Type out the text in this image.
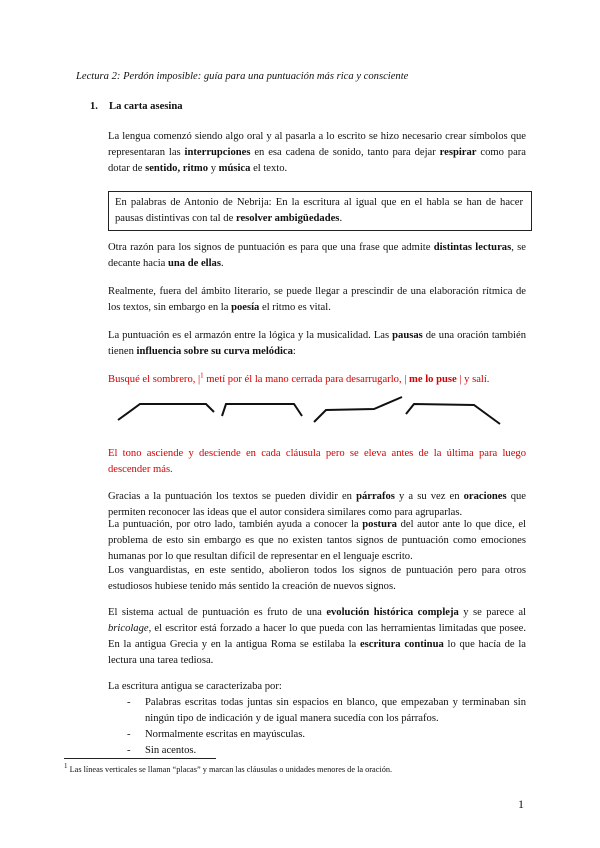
Lectura 2: Perdón imposible: guía para una puntuación más rica y consciente

1. La carta asesina

La lengua comenzó siendo algo oral y al pasarla a lo escrito se hizo necesario crear símbolos que representaran las interrupciones en esa cadena de sonido, tanto para dejar respirar como para dotar de sentido, ritmo y música el texto.

En palabras de Antonio de Nebrija: En la escritura al igual que en el habla se han de hacer pausas distintivas con tal de resolver ambigüedades.

Otra razón para los signos de puntuación es para que una frase que admite distintas lecturas, se decante hacia una de ellas.

Realmente, fuera del ámbito literario, se puede llegar a prescindir de una elaboración rítmica de los textos, sin embargo en la poesía el ritmo es vital.

La puntuación es el armazón entre la lógica y la musicalidad. Las pausas de una oración también tienen influencia sobre su curva melódica:

Busqué el sombrero, $|^1$ metí por él la mano cerrada para desarrugarlo, | me lo puse | y salí.

El tono asciende y desciende en cada cláusula pero se eleva antes de la última para luego descender más.

Gracias a la puntuación los textos se pueden dividir en párrafos y a su vez en oraciones que permiten reconocer las ideas que el autor considera similares como para agruparlas.

La puntuación, por otro lado, también ayuda a conocer la postura del autor ante lo que dice, el problema de esto sin embargo es que no existen tantos signos de puntuación como emociones humanas por lo que resultan difícil de representar en el lenguaje escrito.

Los vanguardistas, en este sentido, abolieron todos los signos de puntuación pero para otros estudiosos hubiese tenido más sentido la creación de nuevos signos.

El sistema actual de puntuación es fruto de una evolución histórica compleja y se parece al bricolage, el escritor está forzado a hacer lo que pueda con las herramientas limitadas que posee. En la antigua Grecia y en la antigua Roma se estilaba la escritura continua lo que hacía de la lectura una tarea tediosa.

La escritura antigua se caracterizaba por:

- Palabras escritas todas juntas sin espacios en blanco, que empezaban y terminaban sin ningún tipo de indicación y de igual manera sucedía con los párrafos.
- Normalmente escritas en mayúsculas.
- Sin acentos.

$^1$ Las líneas verticales se llaman “placas” y marcan las cláusulas o unidades menores de la oración.

1
